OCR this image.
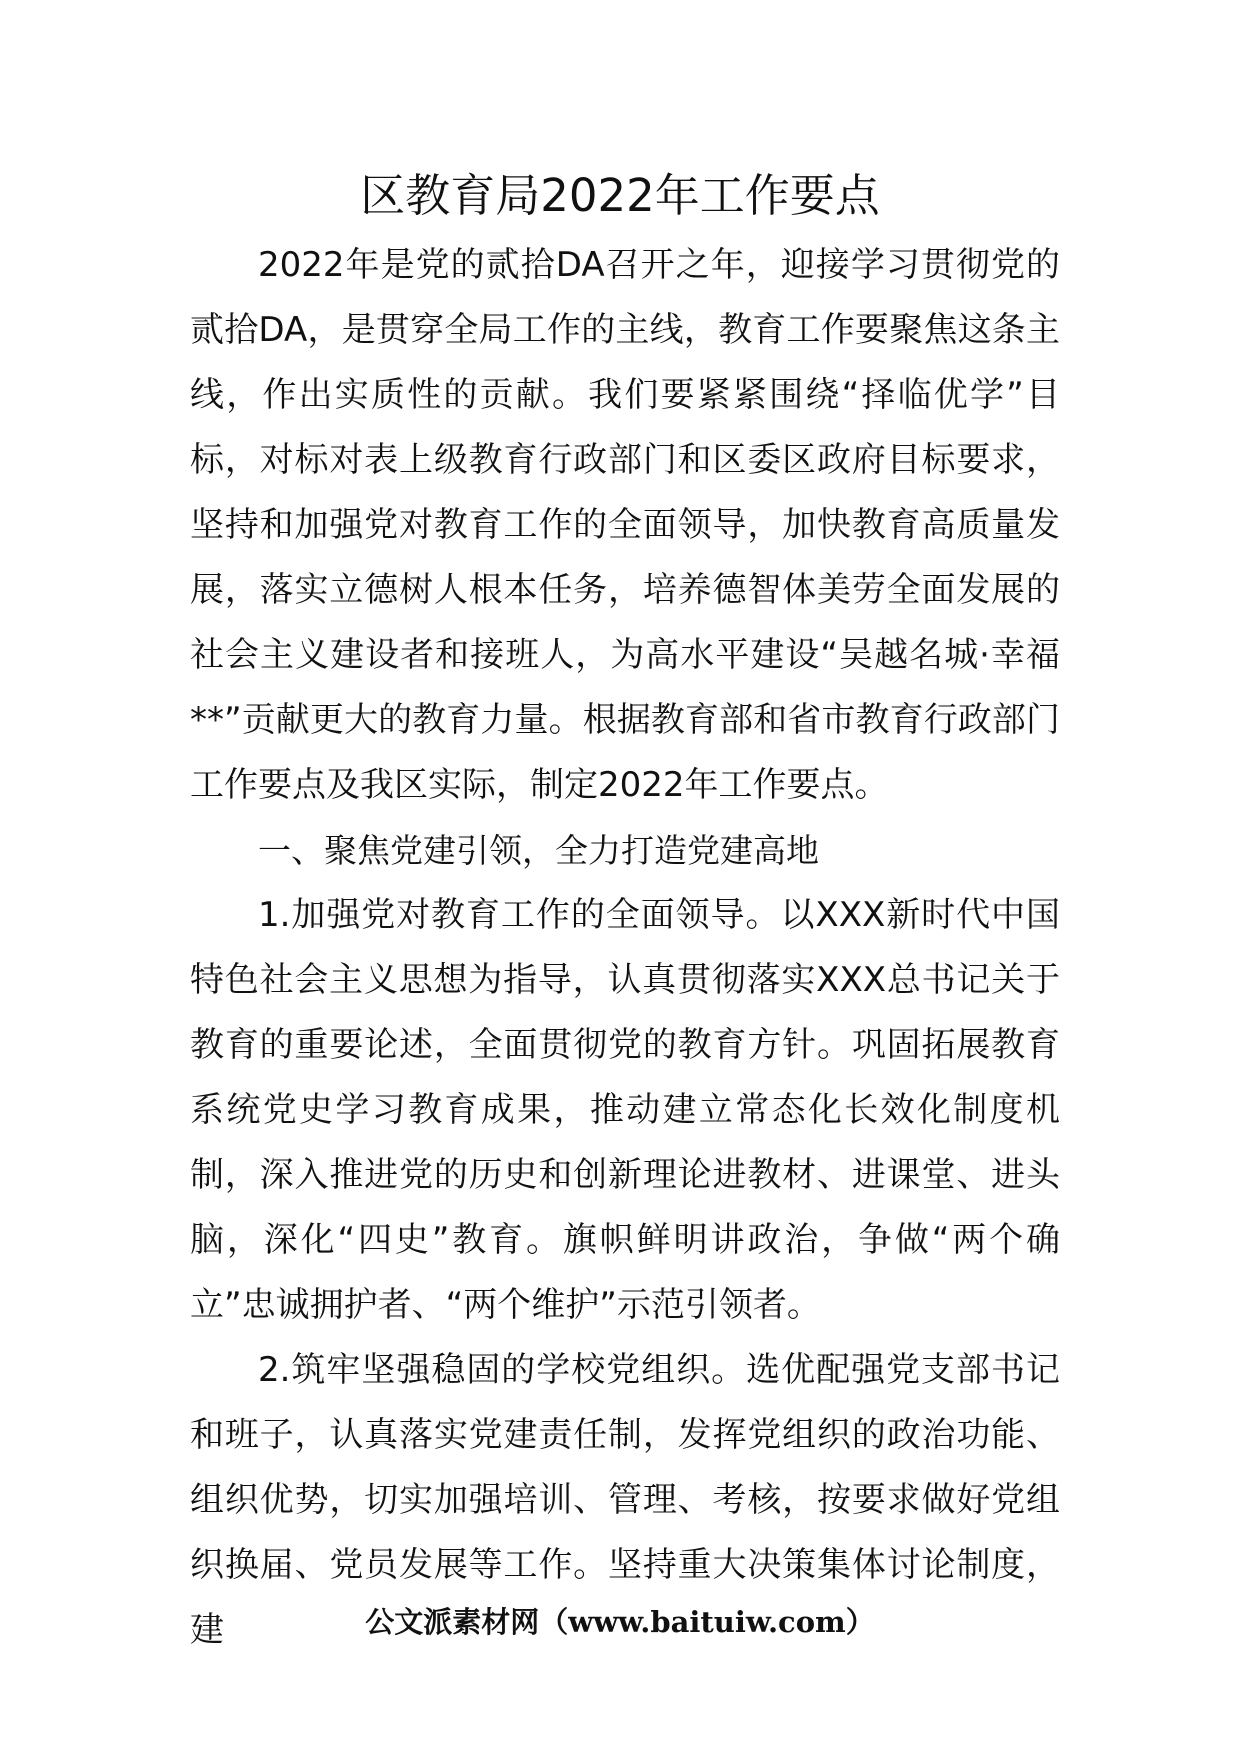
区教育局2022年工作要点

2022年是党的贰拾DA召开之年，迎接学习贯彻党的贰拾DA，是贯穿全局工作的主线，教育工作要聚焦这条主线，作出实质性的贡献。我们要紧紧围绕“择临优学”目标，对标对表上级教育行政部门和区委区政府目标要求，坚持和加强党对教育工作的全面领导，加快教育高质量发展，落实立德树人根本任务，培养德智体美劳全面发展的社会主义建设者和接班人，为高水平建设“吴越名城·幸福**”贡献更大的教育力量。根据教育部和省市教育行政部门工作要点及我区实际，制定2022年工作要点。

一、聚焦党建引领，全力打造党建高地

1.加强党对教育工作的全面领导。以XXX新时代中国特色社会主义思想为指导，认真贯彻落实XXX总书记关于教育的重要论述，全面贯彻党的教育方针。巩固拓展教育系统党史学习教育成果，推动建立常态化长效化制度机制，深入推进党的历史和创新理论进教材、进课堂、进头脑，深化“四史”教育。旗帜鲜明讲政治，争做“两个确立”忠诚拥护者、“两个维护”示范引领者。

2.筑牢坚强稳固的学校党组织。选优配强党支部书记和班子，认真落实党建责任制，发挥党组织的政治功能、组织优势，切实加强培训、管理、考核，按要求做好党组织换届、党员发展等工作。坚持重大决策集体讨论制度，建	公文派素材网（www.baituiw.com）
